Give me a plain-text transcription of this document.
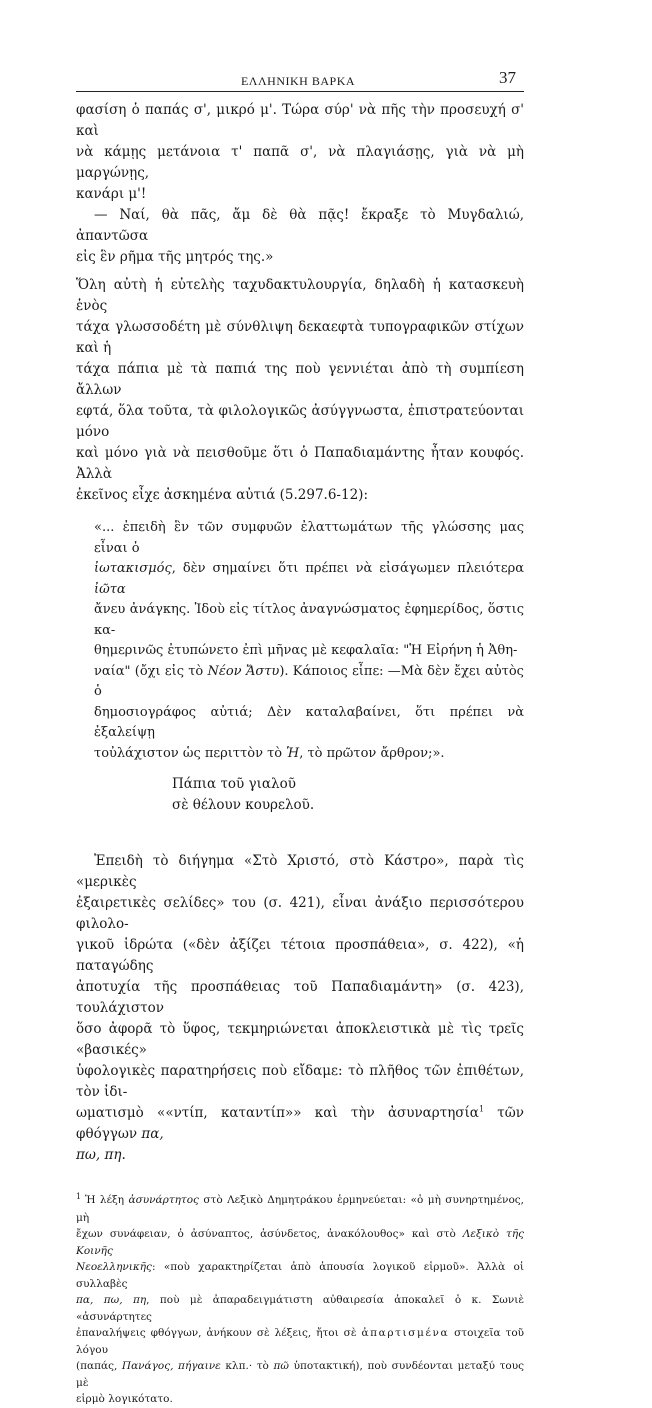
ΕΛΛΗΝΙΚΗ ΒΑΡΚΑ	37

φασίση ὁ παπάς σ', μικρό μ'. Τώρα σύρ' νὰ πῆς τὴν προσευχή σ' καὶ

νὰ κάμῃς μετάνοια τ' παπᾶ σ', νὰ πλαγιάσῃς, γιὰ νὰ μὴ μαργώνῃς,

κανάρι μ'!

— Ναί, θὰ πᾶς, ἄμ δὲ θὰ πᾷς! ἔκραξε τὸ Μυγδαλιώ, ἀπαντῶσα

εἰς ἓν ρῆμα τῆς μητρός της.»

Ὅλη αὐτὴ ἡ εὐτελὴς ταχυδακτυλουργία, δηλαδὴ ἡ κατασκευὴ ἑνὸς

τάχα γλωσσοδέτη μὲ σύνθλιψη δεκαεφτὰ τυπογραφικῶν στίχων καὶ ἡ

τάχα πάπια μὲ τὰ παπιά της ποὺ γεννιέται ἀπὸ τὴ συμπίεση ἄλλων

εφτά, ὅλα τοῦτα, τὰ φιλολογικῶς ἀσύγγνωστα, ἐπιστρατεύονται μόνο

καὶ μόνο γιὰ νὰ πεισθοῦμε ὅτι ὁ Παπαδιαμάντης ἦταν κουφός. Ἀλλὰ

ἐκεῖνος εἶχε ἀσκημένα αὐτιά (5.297.6-12):

«... ἐπειδὴ ἓν τῶν συμφυῶν ἐλαττωμάτων τῆς γλώσσης μας εἶναι ὁ

ἰωτακισμός, δὲν σημαίνει ὅτι πρέπει νὰ εἰσάγωμεν πλειότερα ἰῶτα

ἄνευ ἀνάγκης. Ἰδοὺ εἰς τίτλος ἀναγνώσματος ἐφημερίδος, ὅστις κα-

θημερινῶς ἐτυπώνετο ἐπὶ μῆνας μὲ κεφαλαῖα: "Ἡ Εἰρήνη ἡ Ἀθη-

ναία" (ὄχι εἰς τὸ Νέον Ἄστυ). Κάποιος εἶπε: —Μὰ δὲν ἔχει αὐτὸς ὁ

δημοσιογράφος αὐτιά; Δὲν καταλαβαίνει, ὅτι πρέπει νὰ ἐξαλείψῃ

τοὐλάχιστον ὡς περιττὸν τὸ Ἡ, τὸ πρῶτον ἄρθρον;».

Πάπια τοῦ γιαλοῦ

σὲ θέλουν κουρελοῦ.

Ἐπειδὴ τὸ διήγημα «Στὸ Χριστό, στὸ Κάστρο», παρὰ τὶς «μερικὲς

ἐξαιρετικὲς σελίδες» του (σ. 421), εἶναι ἀνάξιο περισσότερου φιλολο-

γικοῦ ἱδρώτα («δὲν ἀξίζει τέτοια προσπάθεια», σ. 422), «ἡ παταγώδης

ἀποτυχία τῆς προσπάθειας τοῦ Παπαδιαμάντη» (σ. 423), τουλάχιστον

ὅσο ἀφορᾶ τὸ ὕφος, τεκμηριώνεται ἀποκλειστικὰ μὲ τὶς τρεῖς «βασικές»

ὑφολογικὲς παρατηρήσεις ποὺ εἴδαμε: τὸ πλῆθος τῶν ἐπιθέτων, τὸν ἰδι-

ωματισμὸ ««ντίπ, καταντίπ»» καὶ τὴν ἀσυναρτησία$^1$ τῶν φθόγγων πα,

πω, πη.

$^1$ Ἡ λέξη ἀσυνάρτητος στὸ Λεξικὸ Δημητράκου ἑρμηνεύεται: «ὁ μὴ συνηρτημένος, μὴ

ἔχων συνάφειαν, ὁ ἀσύναπτος, ἀσύνδετος, ἀνακόλουθος» καὶ στὸ Λεξικὸ τῆς Κοινῆς

Νεοελληνικῆς: «ποὺ χαρακτηρίζεται ἀπὸ ἀπουσία λογικοῦ εἱρμοῦ». Ἀλλὰ οἱ συλλαβὲς

πα, πω, πη, ποὺ μὲ ἀπαραδειγμάτιστη αὐθαιρεσία ἀποκαλεῖ ὁ κ. Σωνιὲ «ἀσυνάρτητες

ἐπαναλήψεις φθόγγων, ἀνήκουν σὲ λέξεις, ἤτοι σὲ ἀπαρτισμένα στοιχεῖα τοῦ λόγου

(παπάς, Πανάγος, πήγαινε κλπ.· τὸ πῶ ὑποτακτική), ποὺ συνδέονται μεταξύ τους μὲ

εἱρμὸ λογικότατο.
